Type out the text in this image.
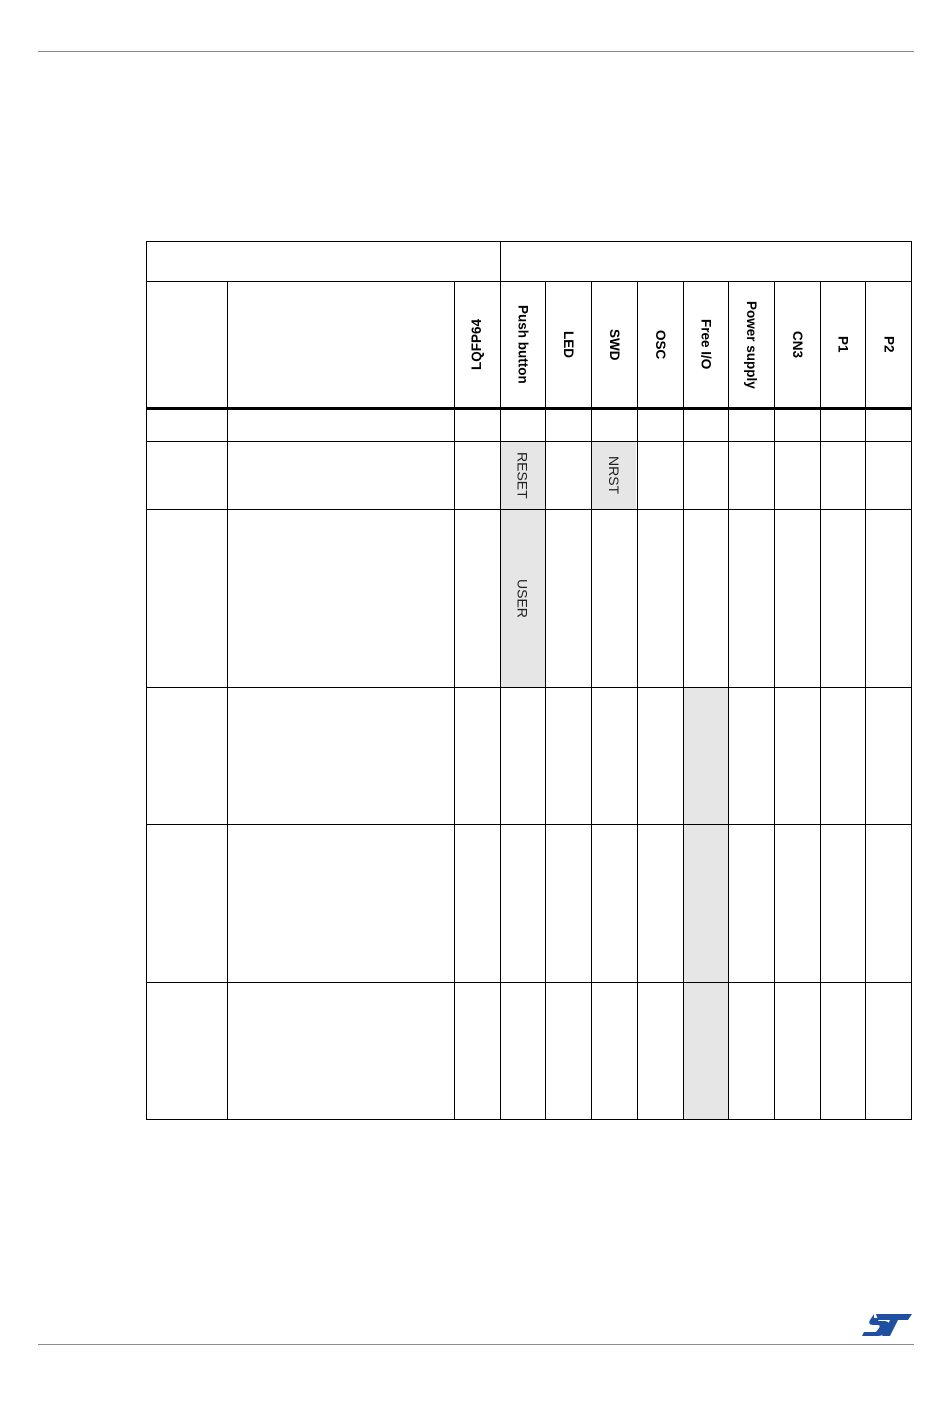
LQFP64 Push button LED SWD OSC Free I/O Power supply CN3 P1 P2
RESET	NRST
USER
